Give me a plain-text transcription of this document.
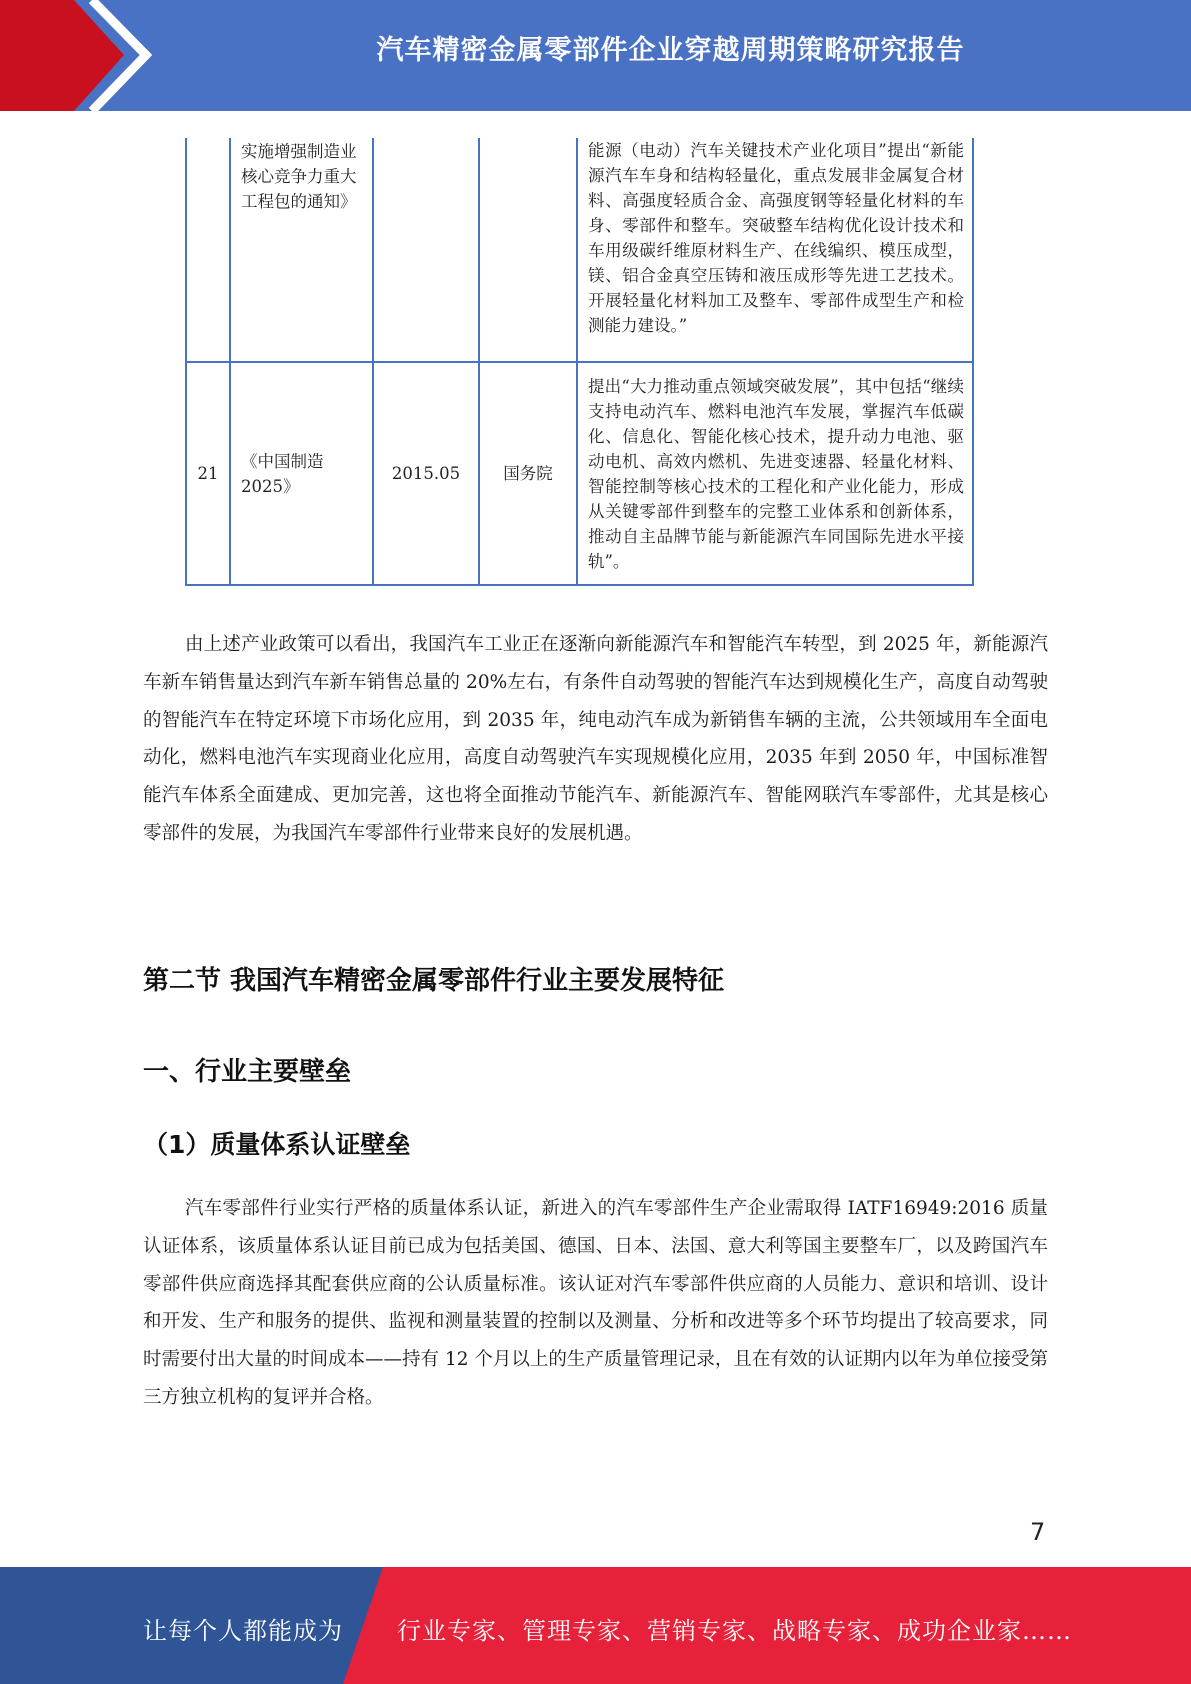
汽车精密金属零部件企业穿越周期策略研究报告
	实施增强制造业核心竞争力重大工程包的通知》			能源（电动）汽车关键技术产业化项目”提出“新能源汽车车身和结构轻量化，重点发展非金属复合材料、高强度轻质合金、高强度钢等轻量化材料的车身、零部件和整车。突破整车结构优化设计技术和车用级碳纤维原材料生产、在线编织、模压成型，镁、铝合金真空压铸和液压成形等先进工艺技术。开展轻量化材料加工及整车、零部件成型生产和检测能力建设。”
21	《中国制造2025》	2015.05	国务院	提出“大力推动重点领域突破发展”，其中包括“继续支持电动汽车、燃料电池汽车发展，掌握汽车低碳化、信息化、智能化核心技术，提升动力电池、驱动电机、高效内燃机、先进变速器、轻量化材料、智能控制等核心技术的工程化和产业化能力，形成从关键零部件到整车的完整工业体系和创新体系，推动自主品牌节能与新能源汽车同国际先进水平接轨”。

由上述产业政策可以看出，我国汽车工业正在逐渐向新能源汽车和智能汽车转型，到 2025 年，新能源汽车新车销售量达到汽车新车销售总量的 20%左右，有条件自动驾驶的智能汽车达到规模化生产，高度自动驾驶的智能汽车在特定环境下市场化应用，到 2035 年，纯电动汽车成为新销售车辆的主流，公共领域用车全面电动化，燃料电池汽车实现商业化应用，高度自动驾驶汽车实现规模化应用，2035 年到 2050 年，中国标准智能汽车体系全面建成、更加完善，这也将全面推动节能汽车、新能源汽车、智能网联汽车零部件，尤其是核心零部件的发展，为我国汽车零部件行业带来良好的发展机遇。

第二节 我国汽车精密金属零部件行业主要发展特征
一、行业主要壁垒
（1）质量体系认证壁垒

汽车零部件行业实行严格的质量体系认证，新进入的汽车零部件生产企业需取得 IATF16949:2016 质量认证体系，该质量体系认证目前已成为包括美国、德国、日本、法国、意大利等国主要整车厂，以及跨国汽车零部件供应商选择其配套供应商的公认质量标准。该认证对汽车零部件供应商的人员能力、意识和培训、设计和开发、生产和服务的提供、监视和测量装置的控制以及测量、分析和改进等多个环节均提出了较高要求，同时需要付出大量的时间成本——持有 12 个月以上的生产质量管理记录，且在有效的认证期内以年为单位接受第三方独立机构的复评并合格。

7
让每个人都能成为 行业专家、管理专家、营销专家、战略专家、成功企业家……
